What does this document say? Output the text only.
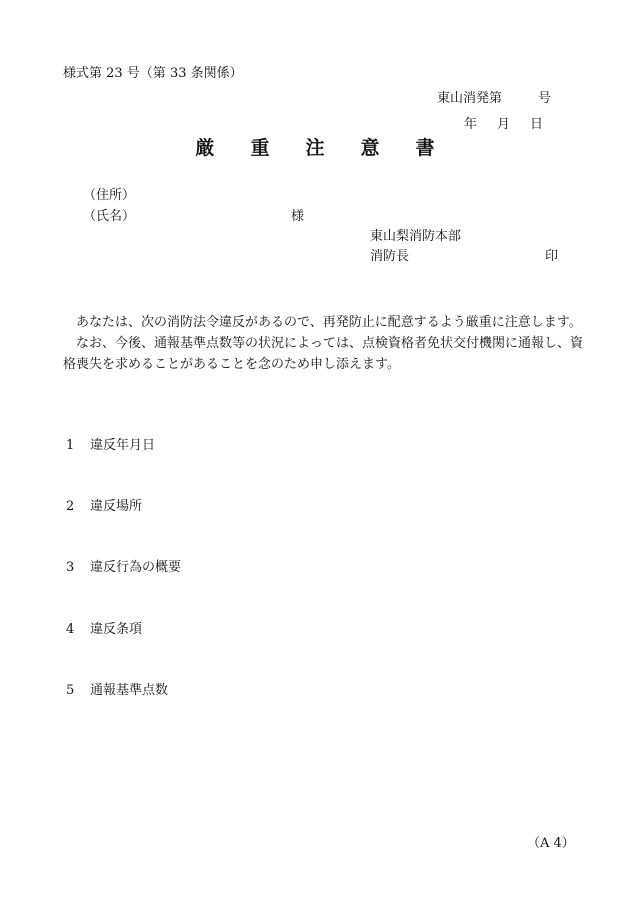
様式第 23 号（第 33 条関係）
東山消発第	号
年 月 日
厳 重 注 意 書
（住所）
（氏名）	様
東山梨消防本部
消防長	印

あなたは、次の消防法令違反があるので、再発防止に配意するよう厳重に注意します。

なお、今後、通報基準点数等の状況によっては、点検資格者免状交付機関に通報し、資格喪失を求めることがあることを念のため申し添えます。

1 違反年月日
2 違反場所
3 違反行為の概要
4 違反条項
5 通報基準点数
（A 4）
